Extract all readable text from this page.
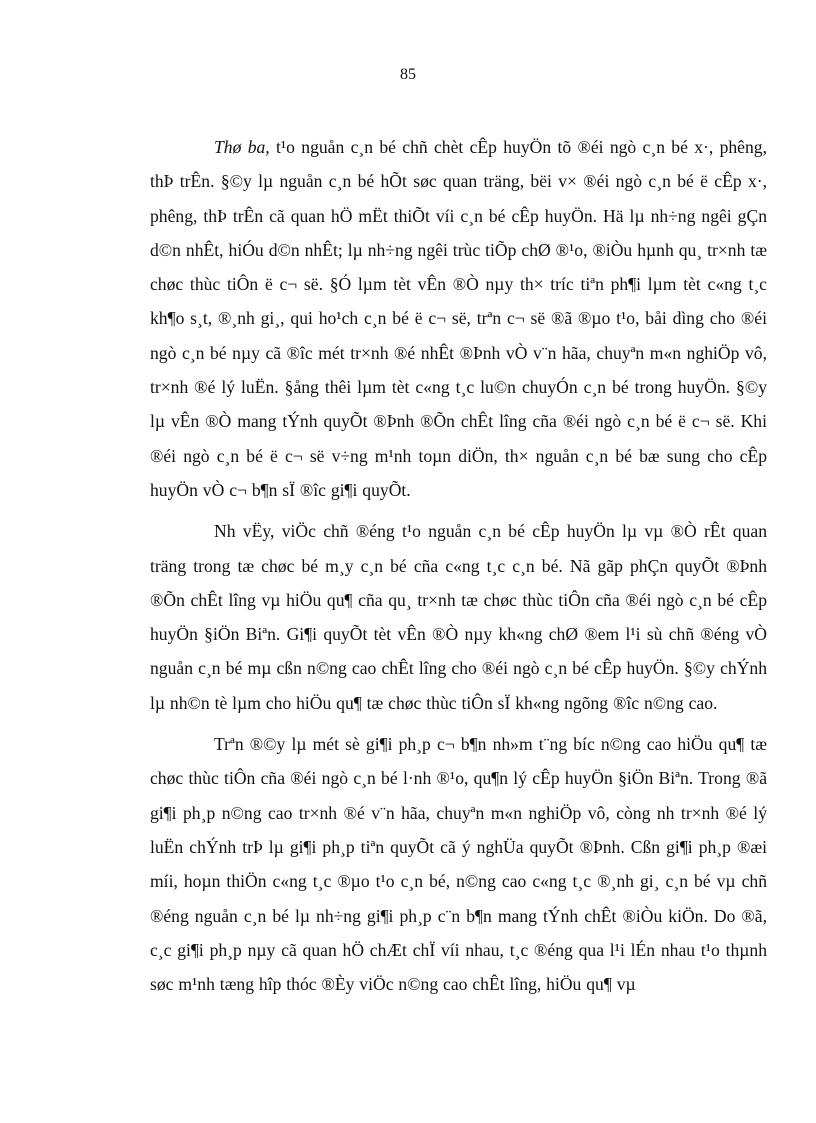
85

Thø ba, t¹o nguån c¸n bé chñ chèt cÊp huyÖn tõ ®éi ngò c¸n bé x·, phêng, thÞ trÊn. §©y lµ nguån c¸n bé hÕt søc quan träng, bëi v× ®éi ngò c¸n bé ë cÊp x·, phêng, thÞ trÊn cã quan hÖ mËt thiÕt víi c¸n bé cÊp huyÖn. Hä lµ nh÷ng ngêi gÇn d©n nhÊt, hiÓu d©n nhÊt; lµ nh÷ng ngêi trùc tiÕp chØ ®¹o, ®iÒu hµnh qu¸ tr×nh tæ chøc thùc tiÔn ë c¬ së. §Ó lµm tèt vÊn ®Ò nµy th× tríc tiªn ph¶i lµm tèt c«ng t¸c kh¶o s¸t, ®¸nh gi¸, qui ho¹ch c¸n bé ë c¬ së, trªn c¬ së ®ã ®µo t¹o, båi dìng cho ®éi ngò c¸n bé nµy cã ®îc mét tr×nh ®é nhÊt ®Þnh vÒ v¨n hãa, chuyªn m«n nghiÖp vô, tr×nh ®é lý luËn. §ång thêi lµm tèt c«ng t¸c lu©n chuyÓn c¸n bé trong huyÖn. §©y lµ vÊn ®Ò mang tÝnh quyÕt ®Þnh ®Õn chÊt lîng cña ®éi ngò c¸n bé ë c¬ së. Khi ®éi ngò c¸n bé ë c¬ së v÷ng m¹nh toµn diÖn, th× nguån c¸n bé bæ sung cho cÊp huyÖn vÒ c¬ b¶n sÏ ®îc gi¶i quyÕt.

Nh vËy, viÖc chñ ®éng t¹o nguån c¸n bé cÊp huyÖn lµ vµ ®Ò rÊt quan träng trong tæ chøc bé m¸y c¸n bé cña c«ng t¸c c¸n bé. Nã gãp phÇn quyÕt ®Þnh ®Õn chÊt lîng vµ hiÖu qu¶ cña qu¸ tr×nh tæ chøc thùc tiÔn cña ®éi ngò c¸n bé cÊp huyÖn §iÖn Biªn. Gi¶i quyÕt tèt vÊn ®Ò nµy kh«ng chØ ®em l¹i sù chñ ®éng vÒ nguån c¸n bé mµ cßn n©ng cao chÊt lîng cho ®éi ngò c¸n bé cÊp huyÖn. §©y chÝnh lµ nh©n tè lµm cho hiÖu qu¶ tæ chøc thùc tiÔn sÏ kh«ng ngõng ®îc n©ng cao.

Trªn ®©y lµ mét sè gi¶i ph¸p c¬ b¶n nh»m t¨ng bíc n©ng cao hiÖu qu¶ tæ chøc thùc tiÔn cña ®éi ngò c¸n bé l·nh ®¹o, qu¶n lý cÊp huyÖn §iÖn Biªn. Trong ®ã gi¶i ph¸p n©ng cao tr×nh ®é v¨n hãa, chuyªn m«n nghiÖp vô, còng nh tr×nh ®é lý luËn chÝnh trÞ lµ gi¶i ph¸p tiªn quyÕt cã ý nghÜa quyÕt ®Þnh. Cßn gi¶i ph¸p ®æi míi, hoµn thiÖn c«ng t¸c ®µo t¹o c¸n bé, n©ng cao c«ng t¸c ®¸nh gi¸ c¸n bé vµ chñ ®éng nguån c¸n bé lµ nh÷ng gi¶i ph¸p c¨n b¶n mang tÝnh chÊt ®iÒu kiÖn. Do ®ã, c¸c gi¶i ph¸p nµy cã quan hÖ chÆt chÏ víi nhau, t¸c ®éng qua l¹i lÉn nhau t¹o thµnh søc m¹nh tæng hîp thóc ®Èy viÖc n©ng cao chÊt lîng, hiÖu qu¶ vµ
